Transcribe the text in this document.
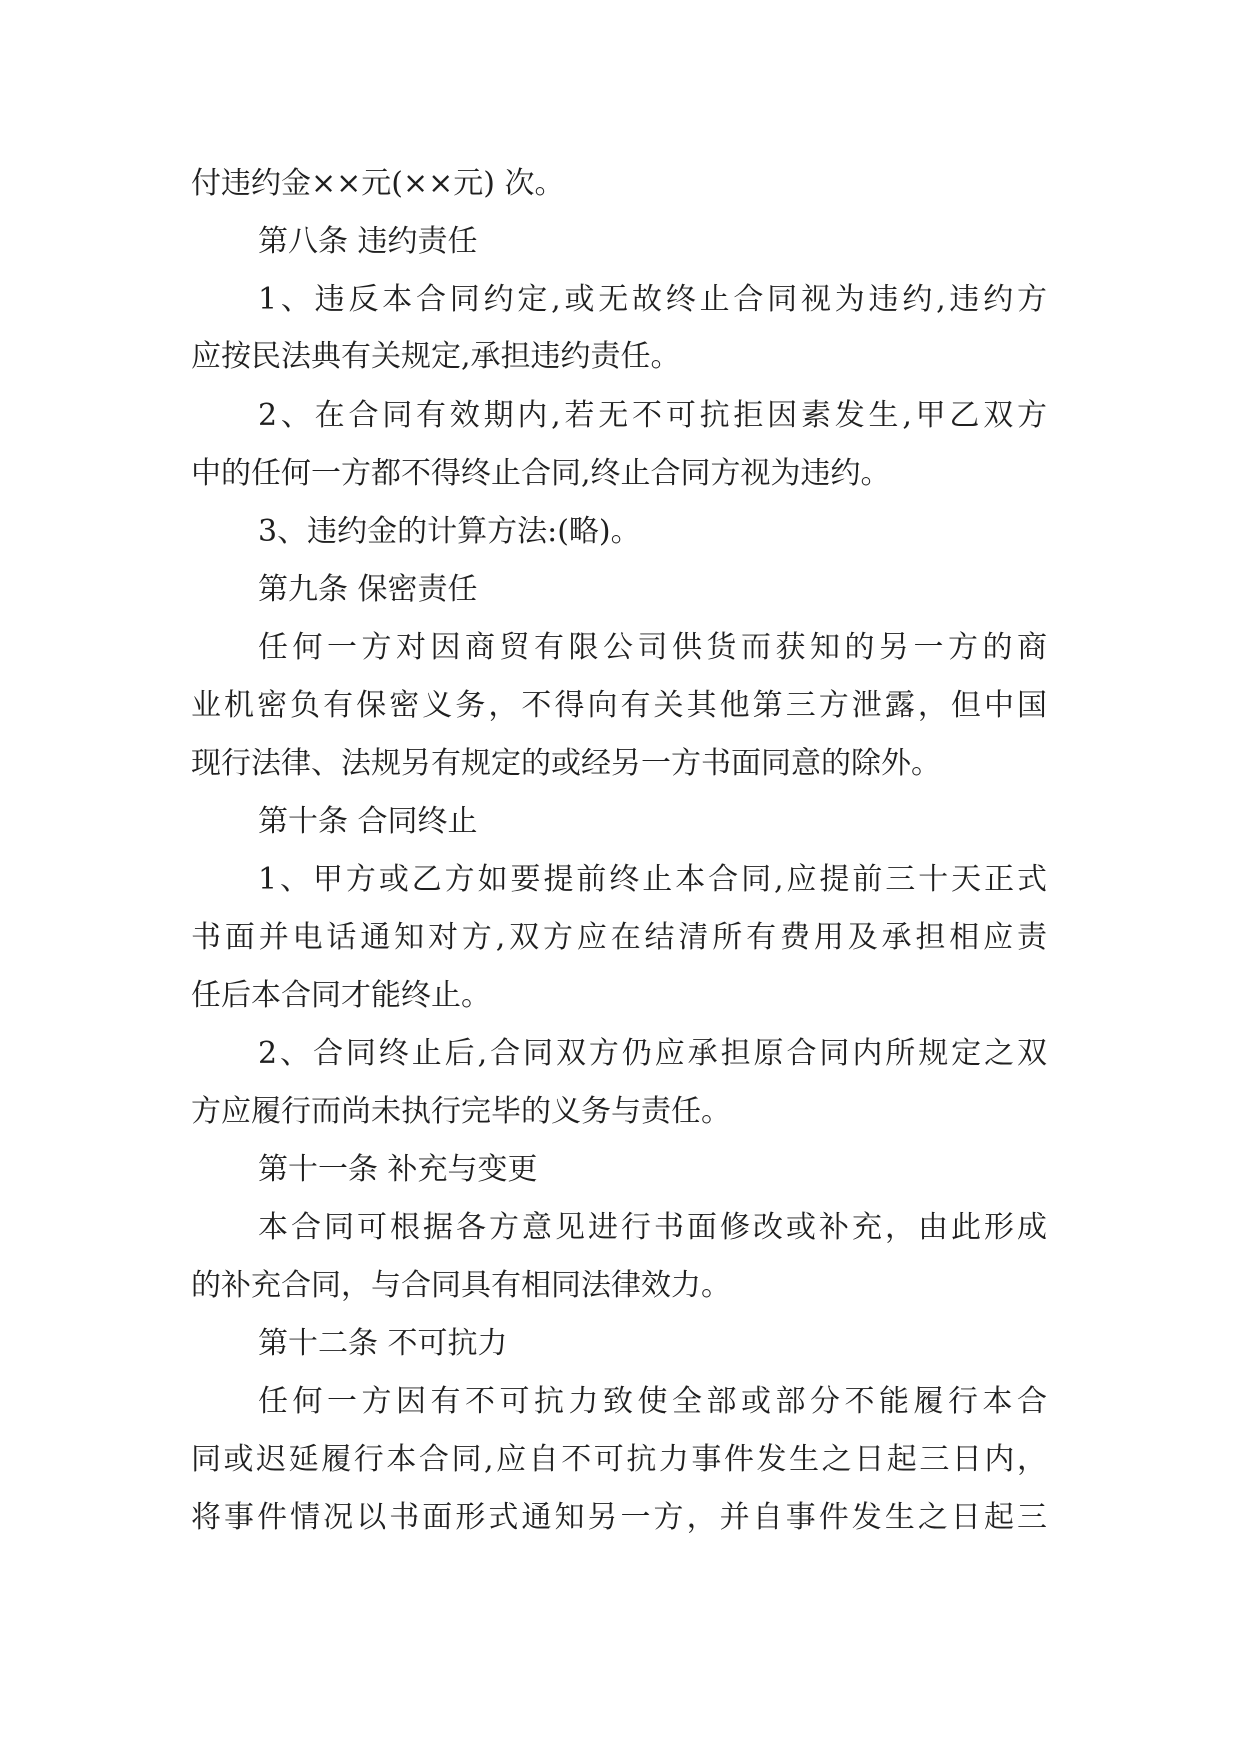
付违约金××元(××元) 次。
第八条 违约责任
1、违反本合同约定,或无故终止合同视为违约,违约方
应按民法典有关规定,承担违约责任。
2、在合同有效期内,若无不可抗拒因素发生,甲乙双方
中的任何一方都不得终止合同,终止合同方视为违约。
3、违约金的计算方法:(略)。
第九条 保密责任
任何一方对因商贸有限公司供货而获知的另一方的商
业机密负有保密义务，不得向有关其他第三方泄露，但中国
现行法律、法规另有规定的或经另一方书面同意的除外。
第十条 合同终止
1、甲方或乙方如要提前终止本合同,应提前三十天正式
书面并电话通知对方,双方应在结清所有费用及承担相应责
任后本合同才能终止。
2、合同终止后,合同双方仍应承担原合同内所规定之双
方应履行而尚未执行完毕的义务与责任。
第十一条 补充与变更
本合同可根据各方意见进行书面修改或补充，由此形成
的补充合同，与合同具有相同法律效力。
第十二条 不可抗力
任何一方因有不可抗力致使全部或部分不能履行本合
同或迟延履行本合同,应自不可抗力事件发生之日起三日内，
将事件情况以书面形式通知另一方，并自事件发生之日起三
